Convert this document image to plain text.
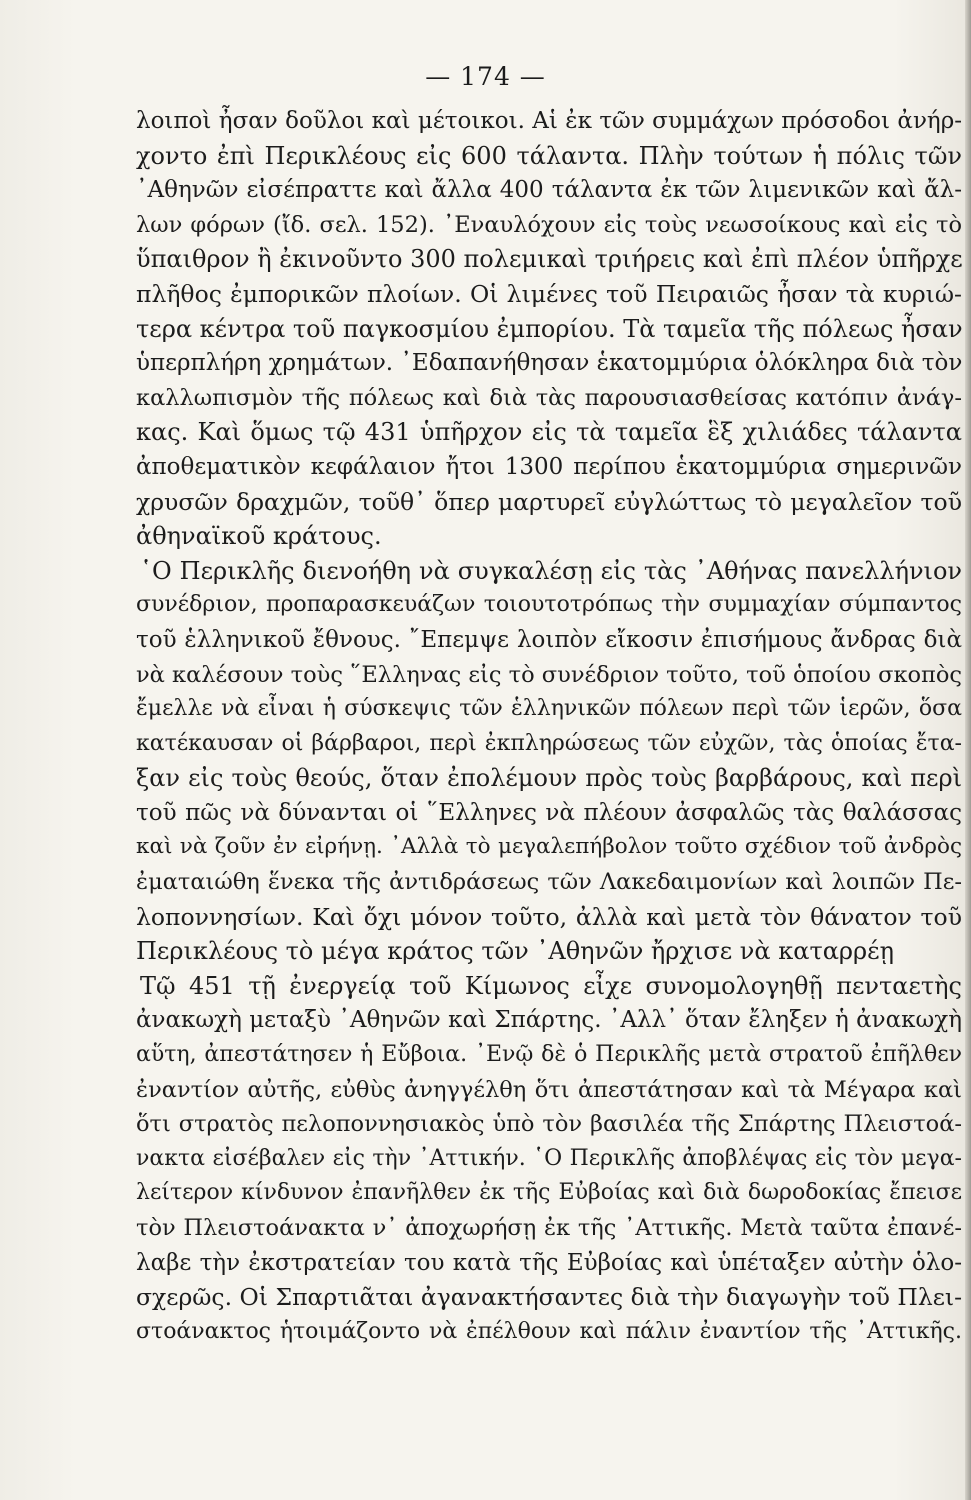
— 174 —
λοιποὶ ἦσαν δοῦλοι καὶ μέτοικοι. Αἱ ἐκ τῶν συμμάχων πρόσοδοι ἀνήρ-
χοντο ἐπὶ Περικλέους εἰς 600 τάλαντα. Πλὴν τούτων ἡ πόλις τῶν
᾿Αθηνῶν εἰσέπραττε καὶ ἄλλα 400 τάλαντα ἐκ τῶν λιμενικῶν καὶ ἄλ-
λων φόρων (ἴδ. σελ. 152). ᾿Εναυλόχουν εἰς τοὺς νεωσοίκους καὶ εἰς τὸ
ὕπαιθρον ἢ ἐκινοῦντο 300 πολεμικαὶ τριήρεις καὶ ἐπὶ πλέον ὑπῆρχε
πλῆθος ἐμπορικῶν πλοίων. Οἱ λιμένες τοῦ Πειραιῶς ἦσαν τὰ κυριώ-
τερα κέντρα τοῦ παγκοσμίου ἐμπορίου. Τὰ ταμεῖα τῆς πόλεως ἦσαν
ὑπερπλήρη χρημάτων. ᾿Εδαπανήθησαν ἑκατομμύρια ὁλόκληρα διὰ τὸν
καλλωπισμὸν τῆς πόλεως καὶ διὰ τὰς παρουσιασθείσας κατόπιν ἀνάγ-
κας. Καὶ ὅμως τῷ 431 ὑπῆρχον εἰς τὰ ταμεῖα ἓξ χιλιάδες τάλαντα
ἀποθεματικὸν κεφάλαιον ἤτοι 1300 περίπου ἑκατομμύρια σημερινῶν
χρυσῶν δραχμῶν, τοῦθ᾿ ὅπερ μαρτυρεῖ εὐγλώττως τὸ μεγαλεῖον τοῦ
ἀθηναϊκοῦ κράτους.
῾Ο Περικλῆς διενοήθη νὰ συγκαλέσῃ εἰς τὰς ᾿Αθήνας πανελλήνιον
συνέδριον, προπαρασκευάζων τοιουτοτρόπως τὴν συμμαχίαν σύμπαντος
τοῦ ἑλληνικοῦ ἔθνους. ῎Επεμψε λοιπὸν εἴκοσιν ἐπισήμους ἄνδρας διὰ
νὰ καλέσουν τοὺς ῞Ελληνας εἰς τὸ συνέδριον τοῦτο, τοῦ ὁποίου σκοπὸς
ἔμελλε νὰ εἶναι ἡ σύσκεψις τῶν ἑλληνικῶν πόλεων περὶ τῶν ἱερῶν, ὅσα
κατέκαυσαν οἱ βάρβαροι, περὶ ἐκπληρώσεως τῶν εὐχῶν, τὰς ὁποίας ἔτα-
ξαν εἰς τοὺς θεούς, ὅταν ἐπολέμουν πρὸς τοὺς βαρβάρους, καὶ περὶ
τοῦ πῶς νὰ δύνανται οἱ ῞Ελληνες νὰ πλέουν ἀσφαλῶς τὰς θαλάσσας
καὶ νὰ ζοῦν ἐν εἰρήνῃ. ᾿Αλλὰ τὸ μεγαλεπήβολον τοῦτο σχέδιον τοῦ ἀνδρὸς
ἐματαιώθη ἕνεκα τῆς ἀντιδράσεως τῶν Λακεδαιμονίων καὶ λοιπῶν Πε-
λοποννησίων. Καὶ ὄχι μόνον τοῦτο, ἀλλὰ καὶ μετὰ τὸν θάνατον τοῦ
Περικλέους τὸ μέγα κράτος τῶν ᾿Αθηνῶν ἤρχισε νὰ καταρρέῃ
Τῷ 451 τῇ ἐνεργείᾳ τοῦ Κίμωνος εἶχε συνομολογηθῇ πενταετὴς
ἀνακωχὴ μεταξὺ ᾿Αθηνῶν καὶ Σπάρτης. ᾿Αλλ᾿ ὅταν ἔληξεν ἡ ἀνακωχὴ
αὕτη, ἀπεστάτησεν ἡ Εὔβοια. ᾿Ενῷ δὲ ὁ Περικλῆς μετὰ στρατοῦ ἐπῆλθεν
ἐναντίον αὐτῆς, εὐθὺς ἀνηγγέλθη ὅτι ἀπεστάτησαν καὶ τὰ Μέγαρα καὶ
ὅτι στρατὸς πελοποννησιακὸς ὑπὸ τὸν βασιλέα τῆς Σπάρτης Πλειστοά-
νακτα εἰσέβαλεν εἰς τὴν ᾿Αττικήν. ῾Ο Περικλῆς ἀποβλέψας εἰς τὸν μεγα-
λείτερον κίνδυνον ἐπανῆλθεν ἐκ τῆς Εὐβοίας καὶ διὰ δωροδοκίας ἔπεισε
τὸν Πλειστοάνακτα ν᾿ ἀποχωρήσῃ ἐκ τῆς ᾿Αττικῆς. Μετὰ ταῦτα ἐπανέ-
λαβε τὴν ἐκστρατείαν του κατὰ τῆς Εὐβοίας καὶ ὑπέταξεν αὐτὴν ὁλο-
σχερῶς. Οἱ Σπαρτιᾶται ἀγανακτήσαντες διὰ τὴν διαγωγὴν τοῦ Πλει-
στοάνακτος ἡτοιμάζοντο νὰ ἐπέλθουν καὶ πάλιν ἐναντίον τῆς ᾿Αττικῆς.
